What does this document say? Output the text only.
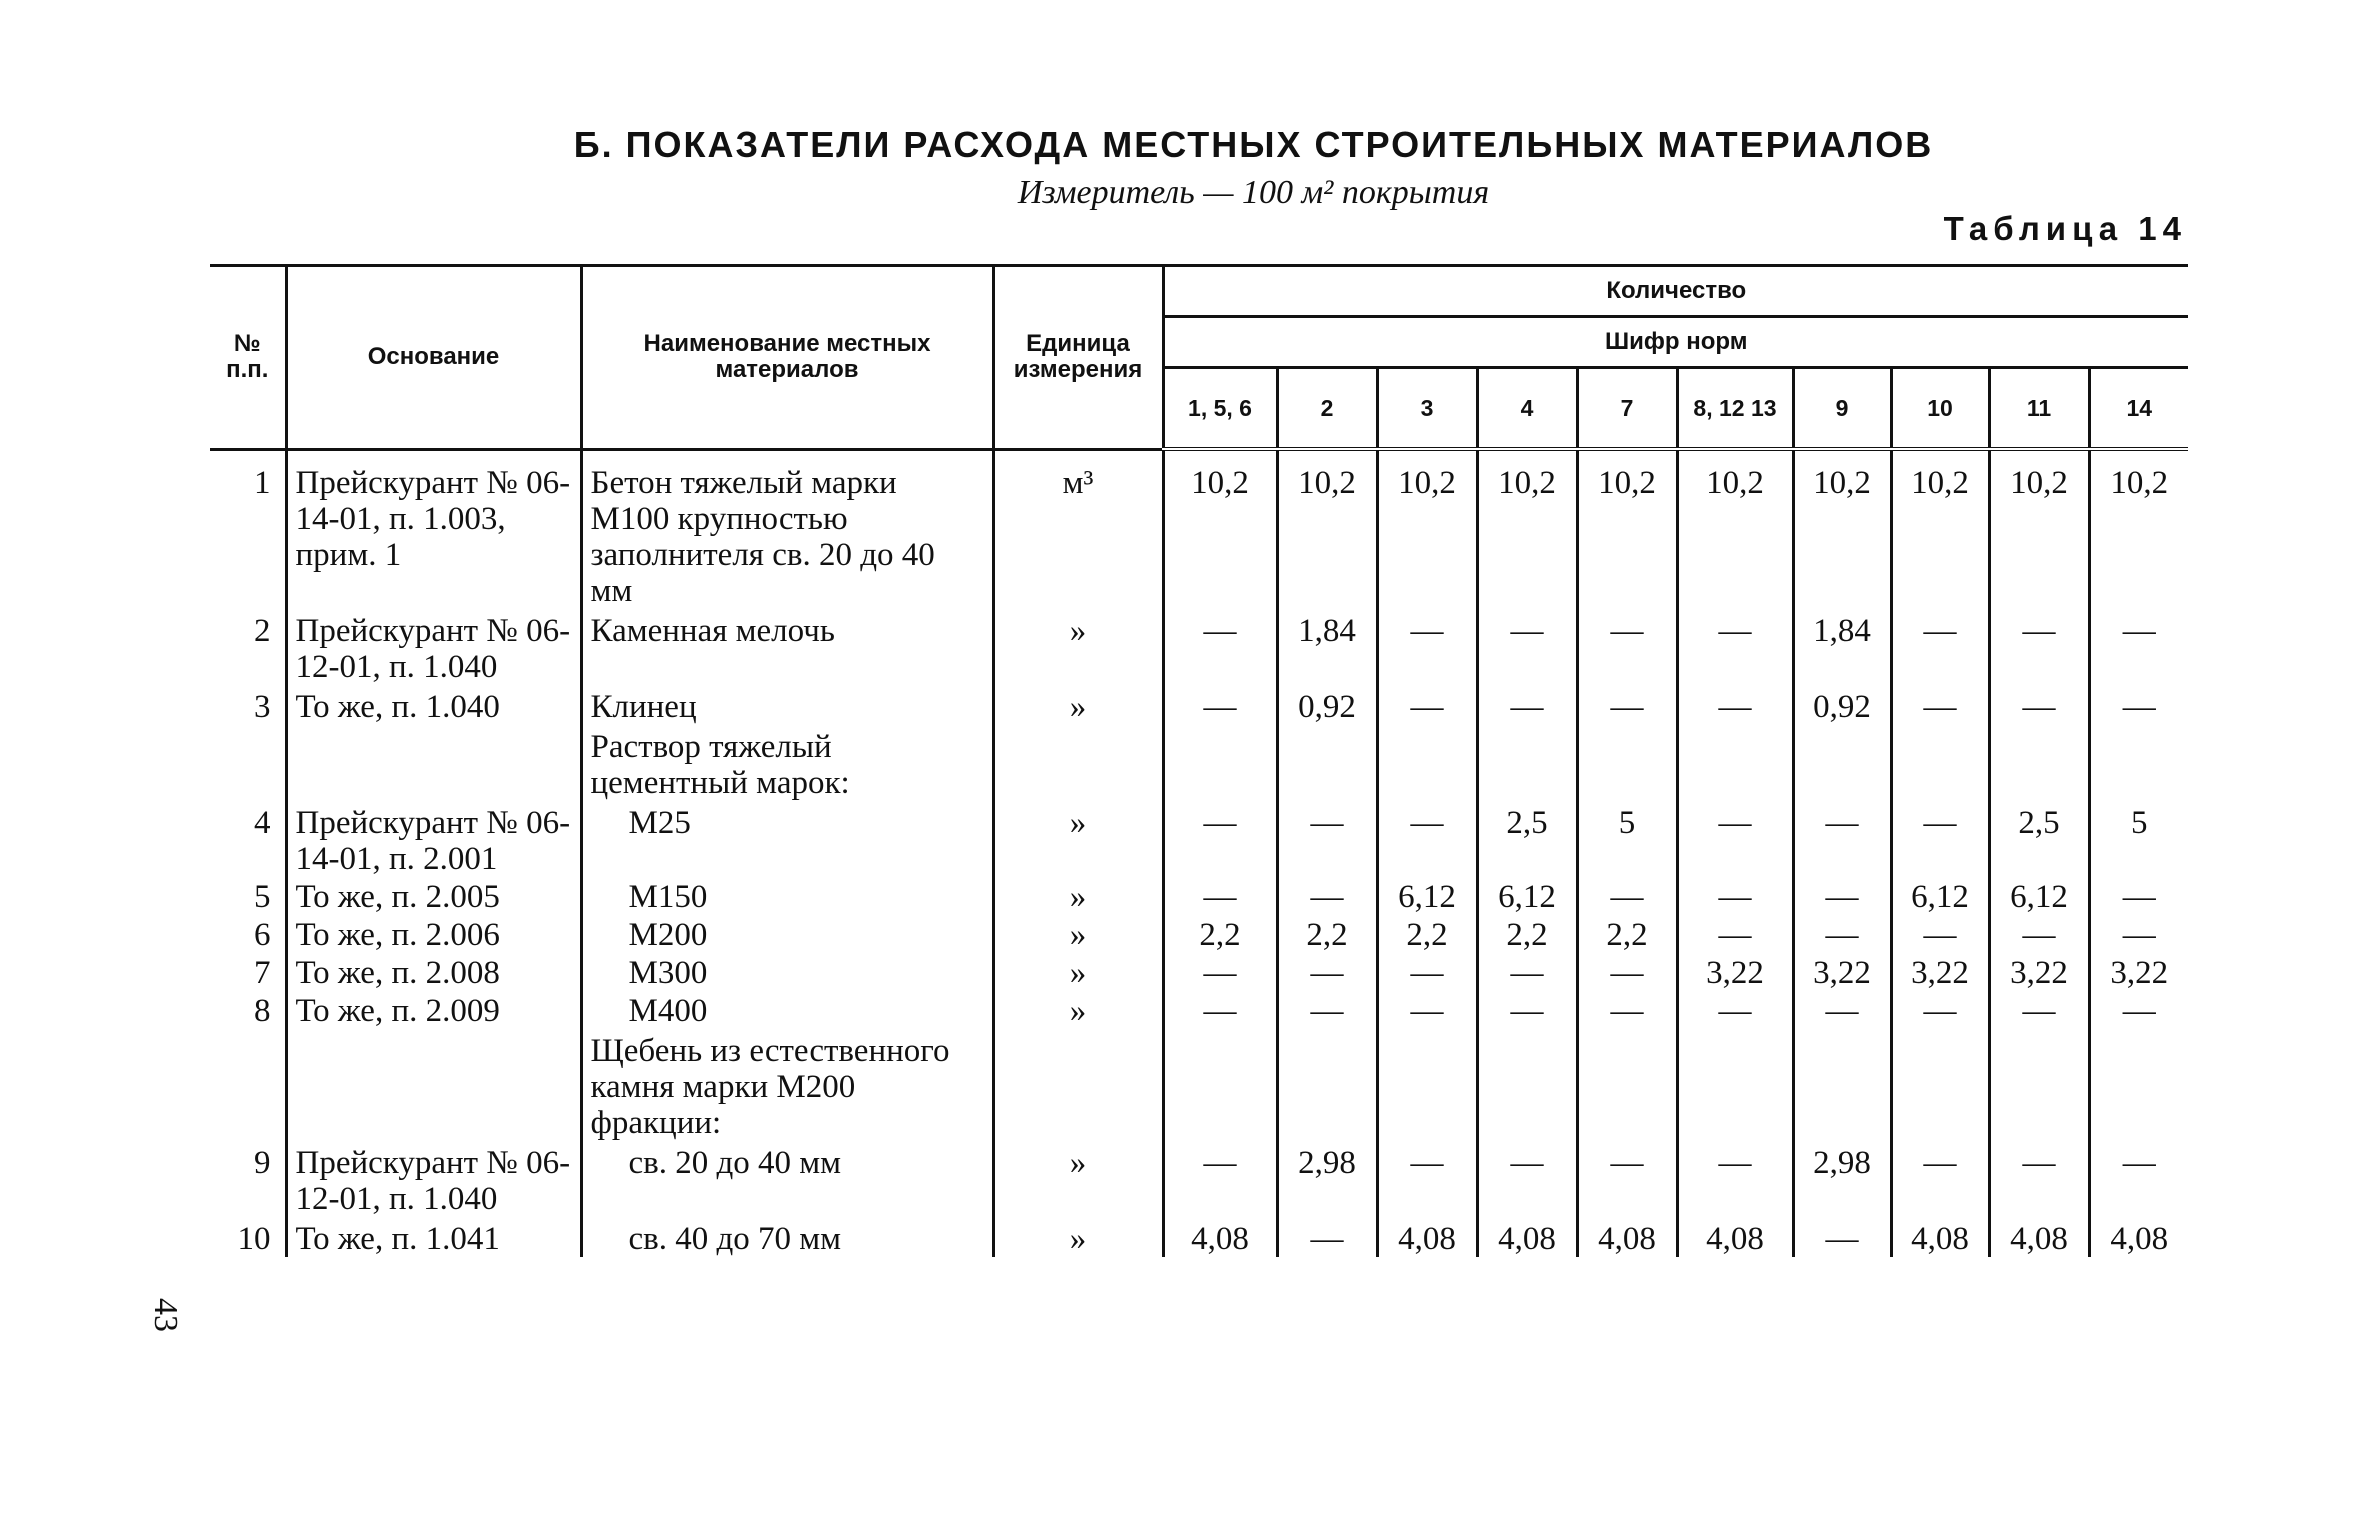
Б. ПОКАЗАТЕЛИ РАСХОДА МЕСТНЫХ СТРОИТЕЛЬНЫХ МАТЕРИАЛОВ
Измеритель — 100 м² покрытия
Таблица 14
43
№ п.п.	Основание	Наименование местных материалов	Единица измерения	Количество									
				Шифр норм									
				1, 5, 6	2	3	4	7	8, 12 13	9	10	11	14
1	Прейскурант № 06-14-01, п. 1.003, прим. 1	Бетон тяжелый марки М100 крупностью заполнителя св. 20 до 40 мм	м³	10,2	10,2	10,2	10,2	10,2	10,2	10,2	10,2	10,2	10,2
2	Прейскурант № 06-12-01, п. 1.040	Каменная мелочь	»	—	1,84	—	—	—	—	1,84	—	—	—
3	То же, п. 1.040	Клинец	»	—	0,92	—	—	—	—	0,92	—	—	—
		Раствор тяжелый цементный марок:											
4	Прейскурант № 06-14-01, п. 2.001	М25	»	—	—	—	2,5	5	—	—	—	2,5	5
5	То же, п. 2.005	М150	»	—	—	6,12	6,12	—	—	—	6,12	6,12	—
6	То же, п. 2.006	М200	»	2,2	2,2	2,2	2,2	2,2	—	—	—	—	—
7	То же, п. 2.008	М300	»	—	—	—	—	—	3,22	3,22	3,22	3,22	3,22
8	То же, п. 2.009	М400	»	—	—	—	—	—	—	—	—	—	—
		Щебень из естественного камня марки М200 фракции:											
9	Прейскурант № 06-12-01, п. 1.040	св. 20 до 40 мм	»	—	2,98	—	—	—	—	2,98	—	—	—
10	То же, п. 1.041	св. 40 до 70 мм	»	4,08	—	4,08	4,08	4,08	4,08	—	4,08	4,08	4,08
